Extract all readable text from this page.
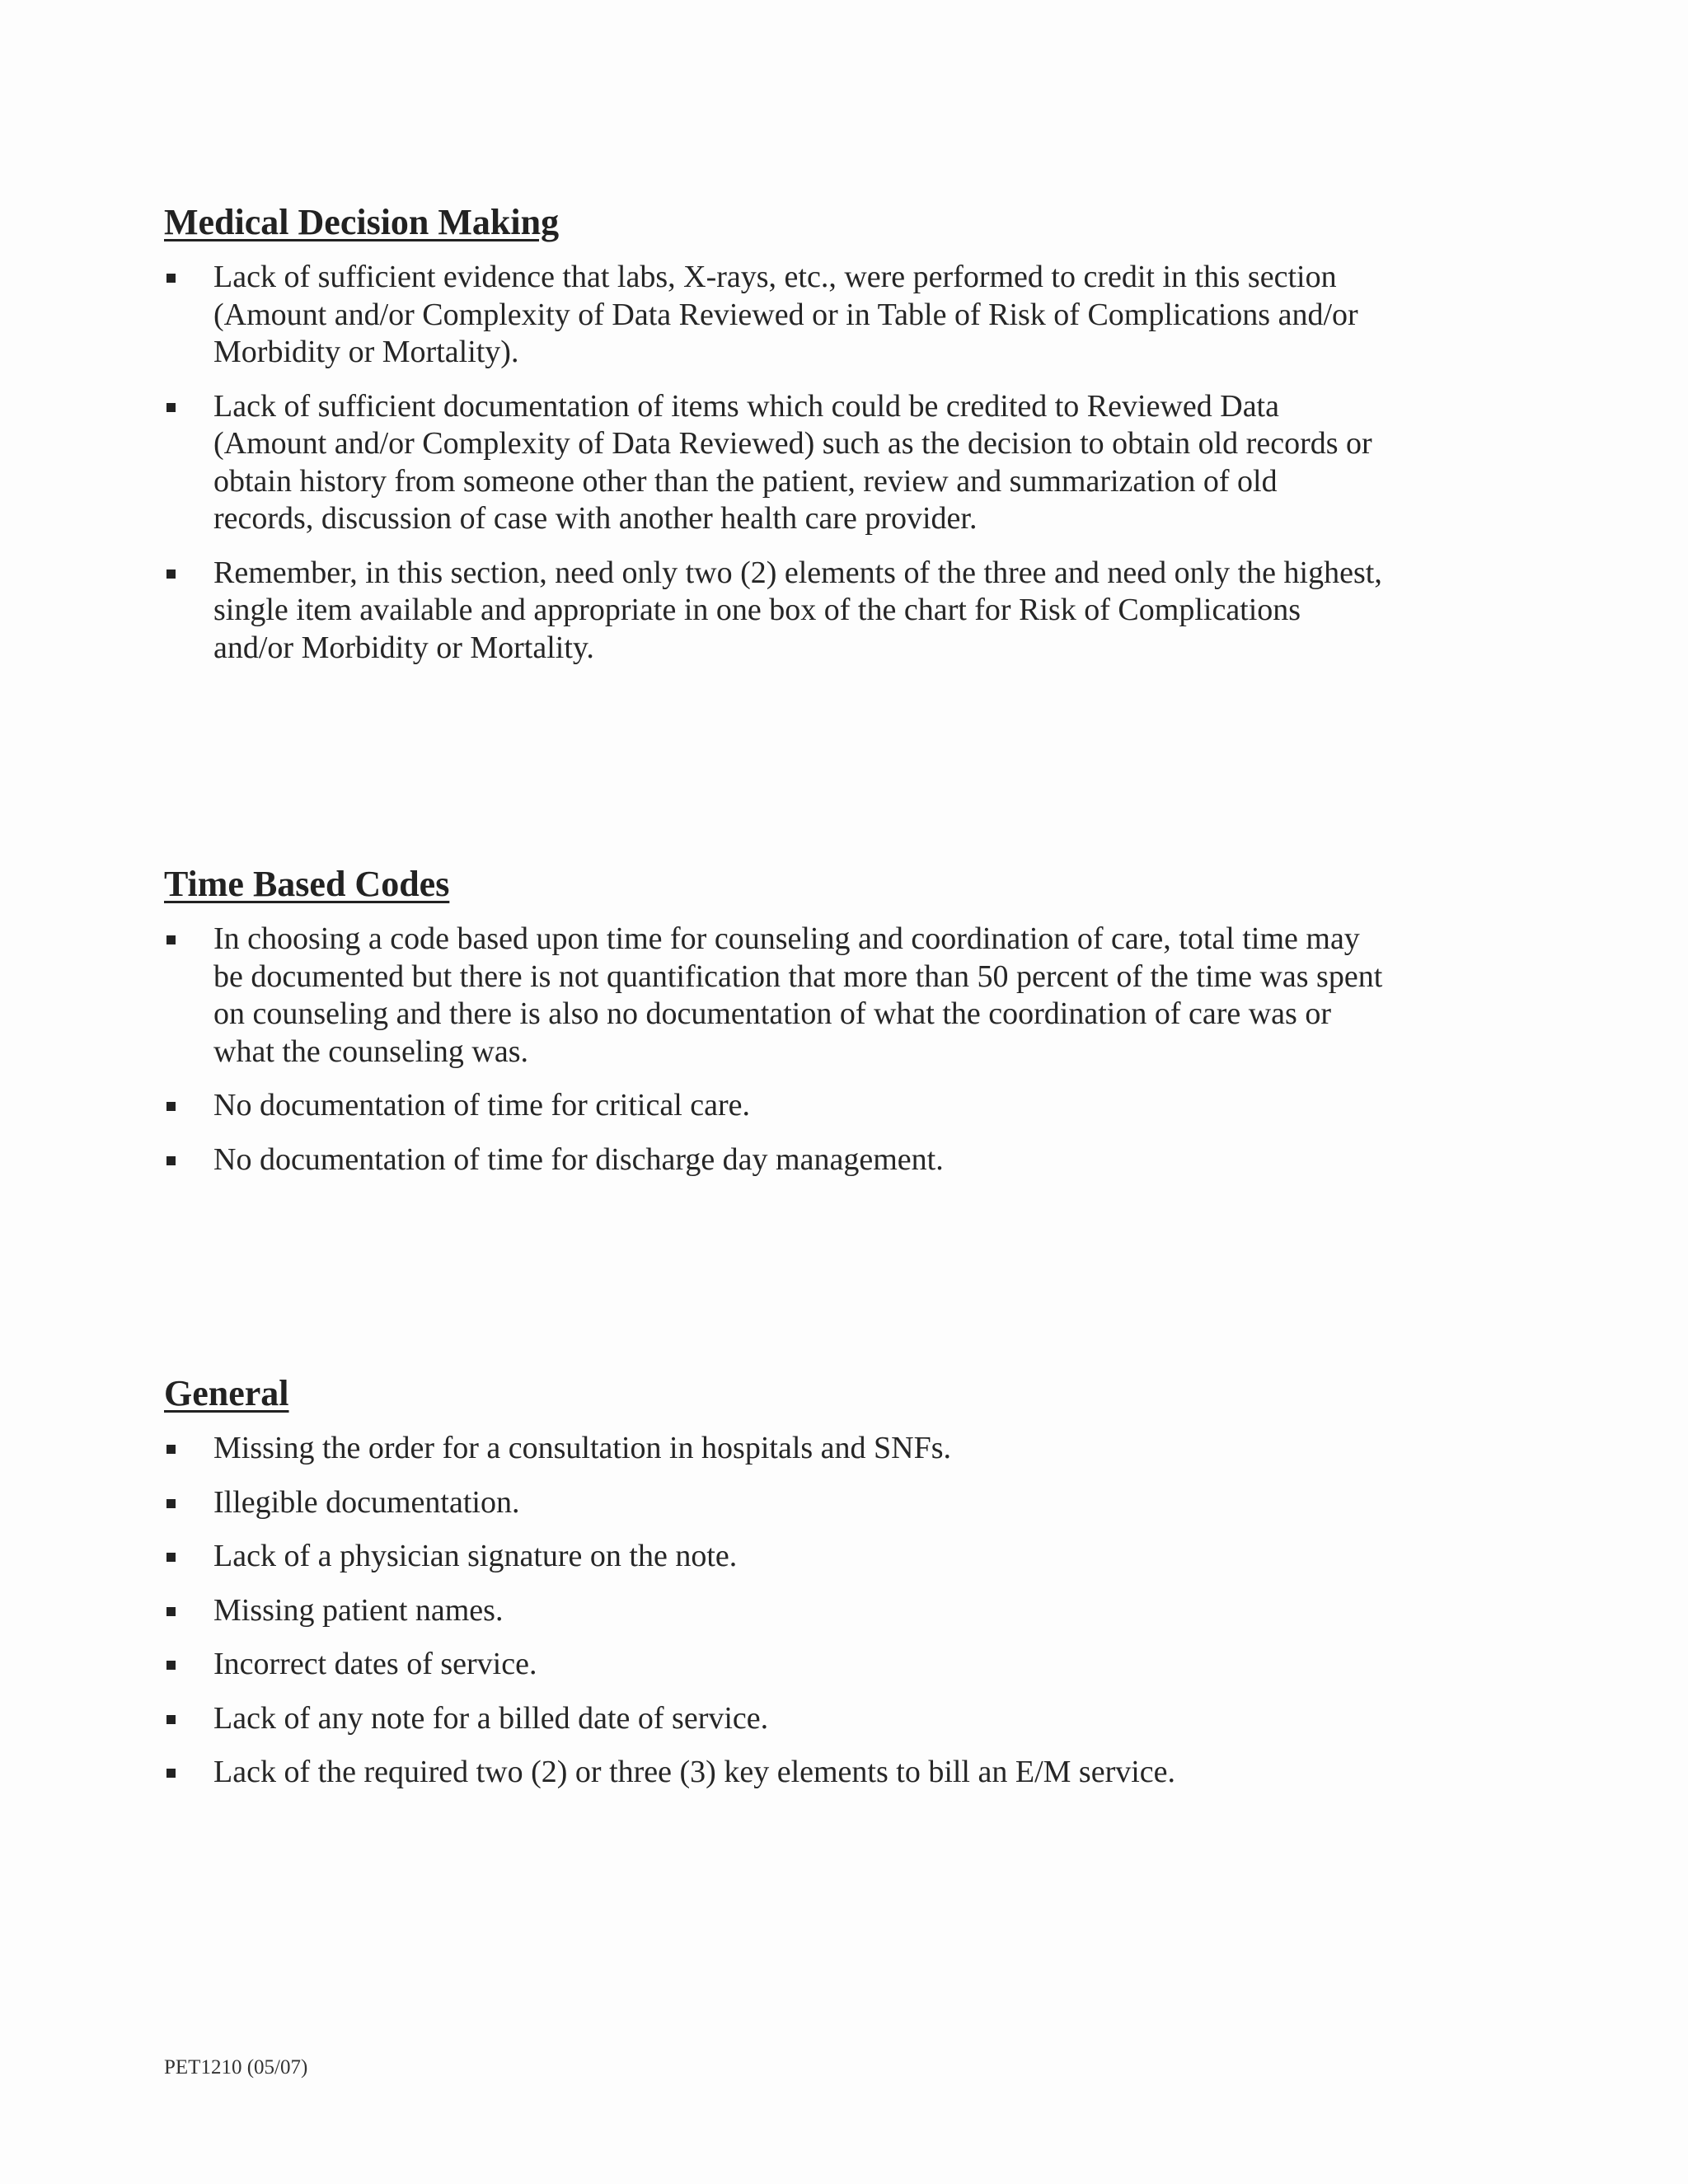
Medical Decision Making
Lack of sufficient evidence that labs, X-rays, etc., were performed to credit in this section (Amount and/or Complexity of Data Reviewed or in Table of Risk of Complications and/or Morbidity or Mortality).
Lack of sufficient documentation of items which could be credited to Reviewed Data (Amount and/or Complexity of Data Reviewed) such as the decision to obtain old records or obtain history from someone other than the patient, review and summarization of old records, discussion of case with another health care provider.
Remember, in this section, need only two (2) elements of the three and need only the highest, single item available and appropriate in one box of the chart for Risk of Complications and/or Morbidity or Mortality.
Time Based Codes
In choosing a code based upon time for counseling and coordination of care, total time may be documented but there is not quantification that more than 50 percent of the time was spent on counseling and there is also no documentation of what the coordination of care was or what the counseling was.
No documentation of time for critical care.
No documentation of time for discharge day management.
General
Missing the order for a consultation in hospitals and SNFs.
Illegible documentation.
Lack of a physician signature on the note.
Missing patient names.
Incorrect dates of service.
Lack of any note for a billed date of service.
Lack of the required two (2) or three (3) key elements to bill an E/M service.
PET1210 (05/07)
